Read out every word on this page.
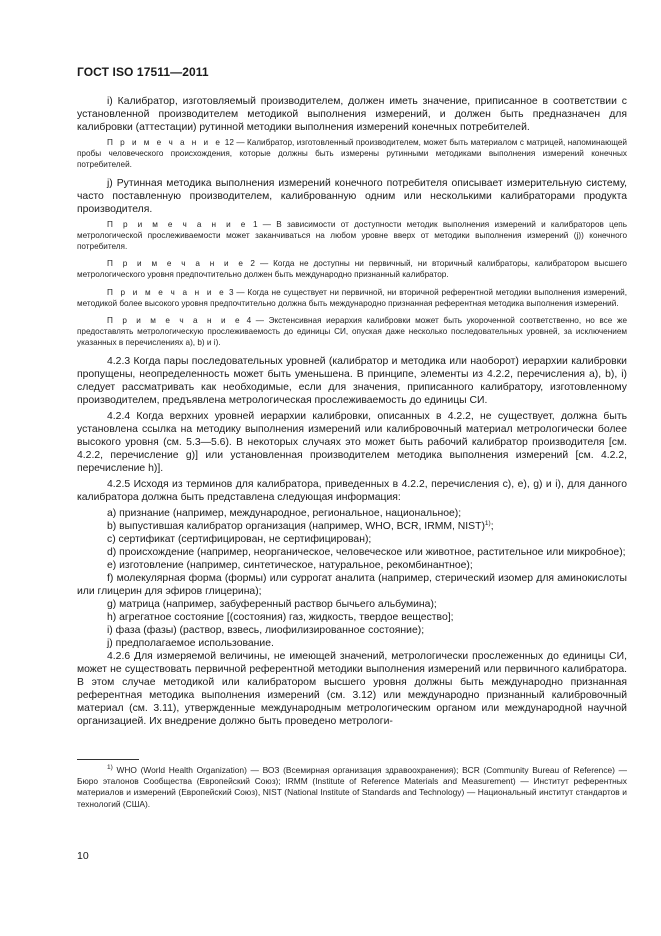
ГОСТ ISO 17511—2011
i) Калибратор, изготовляемый производителем, должен иметь значение, приписанное в соответствии с установленной производителем методикой выполнения измерений, и должен быть предназначен для калибровки (аттестации) рутинной методики выполнения измерений конечных потребителей.
П р и м е ч а н и е 12 — Калибратор, изготовленный производителем, может быть материалом с матрицей, напоминающей пробы человеческого происхождения, которые должны быть измерены рутинными методиками выполнения измерений конечных потребителей.
j) Рутинная методика выполнения измерений конечного потребителя описывает измерительную систему, часто поставленную производителем, калиброванную одним или несколькими калибраторами продукта производителя.
П р и м е ч а н и е 1 — В зависимости от доступности методик выполнения измерений и калибраторов цепь метрологической прослеживаемости может заканчиваться на любом уровне вверх от методики выполнения измерений (j)) конечного потребителя.
П р и м е ч а н и е 2 — Когда не доступны ни первичный, ни вторичный калибраторы, калибратором высшего метрологического уровня предпочтительно должен быть международно признанный калибратор.
П р и м е ч а н и е 3 — Когда не существует ни первичной, ни вторичной референтной методики выполнения измерений, методикой более высокого уровня предпочтительно должна быть международно признанная референтная методика выполнения измерений.
П р и м е ч а н и е 4 — Экстенсивная иерархия калибровки может быть укороченной соответственно, но все же предоставлять метрологическую прослеживаемость до единицы СИ, опуская даже несколько последовательных уровней, за исключением указанных в перечислениях a), b) и i).
4.2.3 Когда пары последовательных уровней (калибратор и методика или наоборот) иерархии калибровки пропущены, неопределенность может быть уменьшена. В принципе, элементы из 4.2.2, перечисления a), b), i) следует рассматривать как необходимые, если для значения, приписанного калибратору, изготовленному производителем, предъявлена метрологическая прослеживаемость до единицы СИ.
4.2.4 Когда верхних уровней иерархии калибровки, описанных в 4.2.2, не существует, должна быть установлена ссылка на методику выполнения измерений или калибровочный материал метрологически более высокого уровня (см. 5.3—5.6). В некоторых случаях это может быть рабочий калибратор производителя [см. 4.2.2, перечисление g)] или установленная производителем методика выполнения измерений [см. 4.2.2, перечисление h)].
4.2.5 Исходя из терминов для калибратора, приведенных в 4.2.2, перечисления c), e), g) и i), для данного калибратора должна быть представлена следующая информация:
a) признание (например, международное, региональное, национальное);
b) выпустившая калибратор организация (например, WHO, BCR, IRMM, NIST)$^{1)}$;
c) сертификат (сертифицирован, не сертифицирован);
d) происхождение (например, неорганическое, человеческое или животное, растительное или микробное);
e) изготовление (например, синтетическое, натуральное, рекомбинантное);
f) молекулярная форма (формы) или суррогат аналита (например, стерический изомер для аминокислоты или глицерин для эфиров глицерина);
g) матрица (например, забуференный раствор бычьего альбумина);
h) агрегатное состояние [(состояния) газ, жидкость, твердое вещество];
i) фаза (фазы) (раствор, взвесь, лиофилизированное состояние);
j) предполагаемое использование.
4.2.6 Для измеряемой величины, не имеющей значений, метрологически прослеженных до единицы СИ, может не существовать первичной референтной методики выполнения измерений или первичного калибратора. В этом случае методикой или калибратором высшего уровня должны быть международно признанная референтная методика выполнения измерений (см. 3.12) или международно признанный калибровочный материал (см. 3.11), утвержденные международным метрологическим органом или международной научной организацией. Их внедрение должно быть проведено метрологи-
$^{1)}$ WHO (World Health Organization) — ВОЗ (Всемирная организация здравоохранения); BCR (Community Bureau of Reference) — Бюро эталонов Сообщества (Европейский Союз); IRMM (Institute of Reference Materials and Measurement) — Институт референтных материалов и измерений (Европейский Союз), NIST (National Institute of Standards and Technology) — Национальный институт стандартов и технологий (США).
10
